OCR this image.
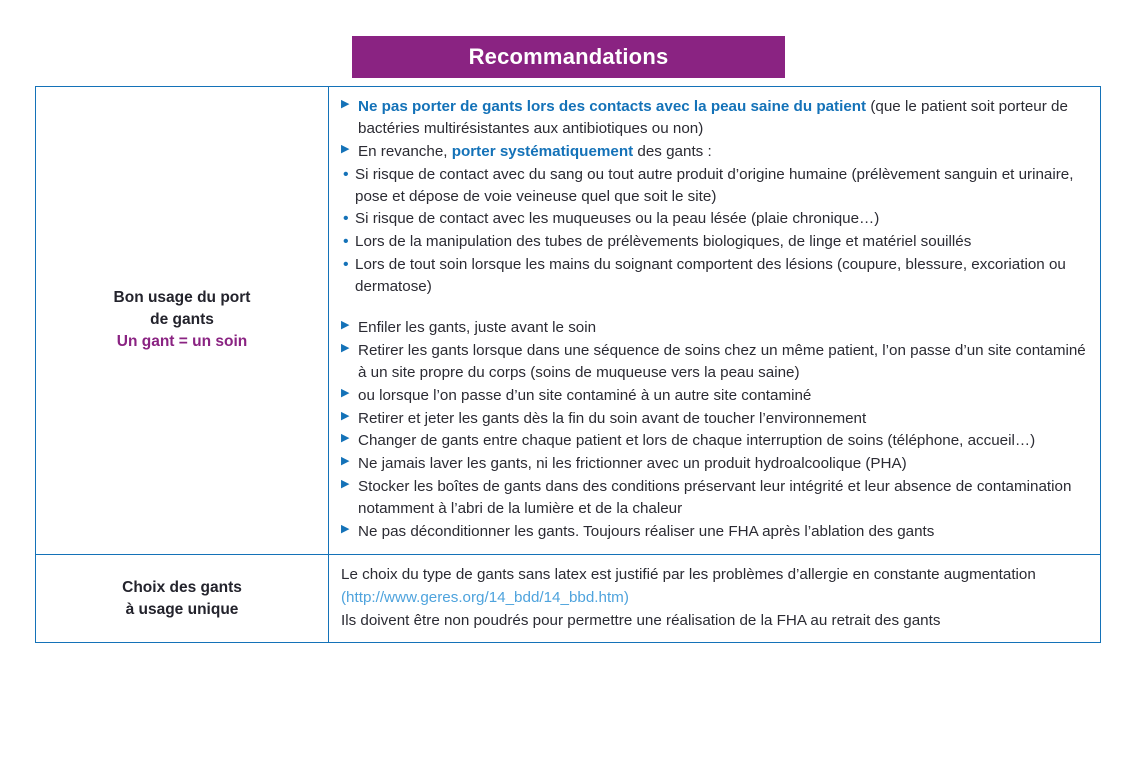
Recommandations
Bon usage du port
de gants
Un gant = un soin
▶ Ne pas porter de gants lors des contacts avec la peau saine du patient (que le patient soit porteur de bactéries multirésistantes aux antibiotiques ou non)
▶ En revanche, porter systématiquement des gants :
• Si risque de contact avec du sang ou tout autre produit d’origine humaine (prélèvement sanguin et urinaire, pose et dépose de voie veineuse quel que soit le site)
• Si risque de contact avec les muqueuses ou la peau lésée (plaie chronique…)
• Lors de la manipulation des tubes de prélèvements biologiques, de linge et matériel souillés
• Lors de tout soin lorsque les mains du soignant comportent des lésions (coupure, blessure, excoriation ou dermatose)
▶ Enfiler les gants, juste avant le soin
▶ Retirer les gants lorsque dans une séquence de soins chez un même patient, l’on passe d’un site contaminé à un site propre du corps (soins de muqueuse vers la peau saine)
▶ ou lorsque l’on passe d’un site contaminé à un autre site contaminé
▶ Retirer et jeter les gants dès la fin du soin avant de toucher l’environnement
▶ Changer de gants entre chaque patient et lors de chaque interruption de soins (téléphone, accueil…)
▶ Ne jamais laver les gants, ni les frictionner avec un produit hydroalcoolique (PHA)
▶ Stocker les boîtes de gants dans des conditions préservant leur intégrité et leur absence de contamination notamment à l’abri de la lumière et de la chaleur
▶ Ne pas déconditionner les gants. Toujours réaliser une FHA après l’ablation des gants
Choix des gants
à usage unique
Le choix du type de gants sans latex est justifié par les problèmes d’allergie en constante augmentation (http://www.geres.org/14_bdd/14_bbd.htm)
Ils doivent être non poudrés pour permettre une réalisation de la FHA au retrait des gants
